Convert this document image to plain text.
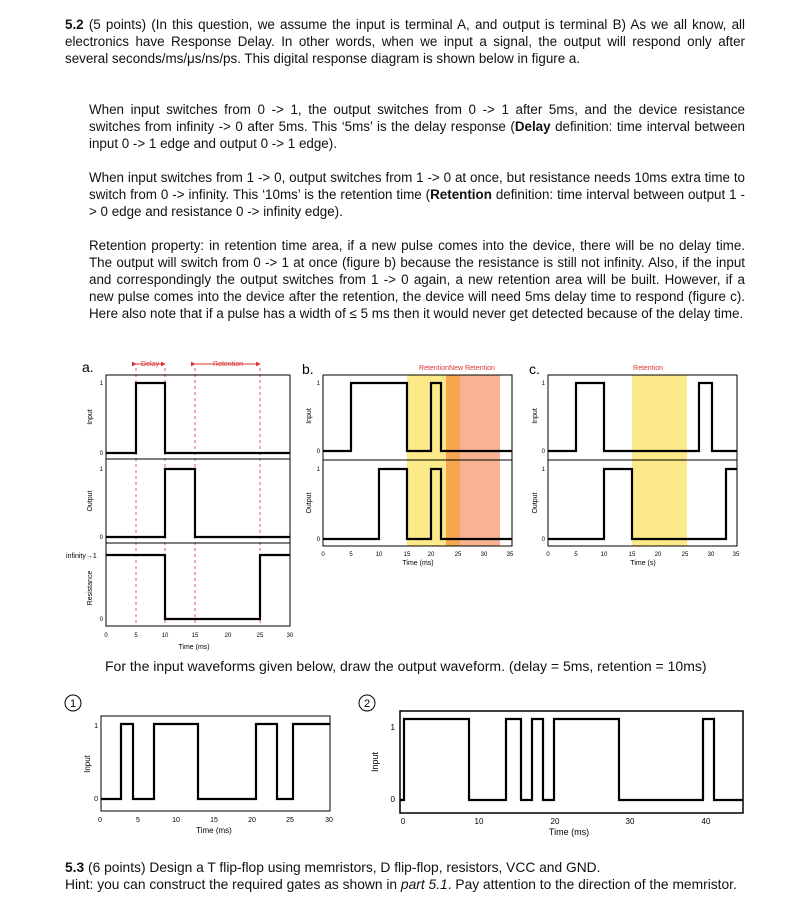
5.2 (5 points) (In this question, we assume the input is terminal A, and output is terminal B) As we all know, all electronics have Response Delay. In other words, when we input a signal, the output will respond only after several seconds/ms/μs/ns/ps. This digital response diagram is shown below in figure a.
When input switches from 0 -> 1, the output switches from 0 -> 1 after 5ms, and the device resistance switches from infinity -> 0 after 5ms. This ‘5ms’ is the delay response (Delay definition: time interval between input 0 -> 1 edge and output 0 -> 1 edge).
When input switches from 1 -> 0, output switches from 1 -> 0 at once, but resistance needs 10ms extra time to switch from 0 -> infinity. This ‘10ms’ is the retention time (Retention definition: time interval between output 1 -> 0 edge and resistance 0 -> infinity edge).
Retention property: in retention time area, if a new pulse comes into the device, there will be no delay time. The output will switch from 0 -> 1 at once (figure b) because the resistance is still not infinity. Also, if the input and correspondingly the output switches from 1 -> 0 again, a new retention area will be built. However, if a new pulse comes into the device after the retention, the device will need 5ms delay time to respond (figure c). Here also note that if a pulse has a width of ≤ 5 ms then it would never get detected because of the delay time.
For the input waveforms given below, draw the output waveform. (delay = 5ms, retention = 10ms)
5.3 (6 points) Design a T flip-flop using memristors, D flip-flop, resistors, VCC and GND.
Hint: you can construct the required gates as shown in part 5.1. Pay attention to the direction of the memristor.
a.	Delay	Retention
Input
Output
Resistance
1
0
1
0
0
infinity→1
0	5	10	15	20	25	30
Time (ms)
b.	Retention New Retention
Input
Output
1
0
1
0
0	5	10	15	20	25	30	35
Time (ms)
c.	Retention
Input
Output
1
0
1
0
0	5	10	15	20	25	30	35
Time (s)
1
Input
1
0
0	5	10	15	20	25	30
Time (ms)
2
Input
1
0
0	10	20	30	40
Time (ms)
